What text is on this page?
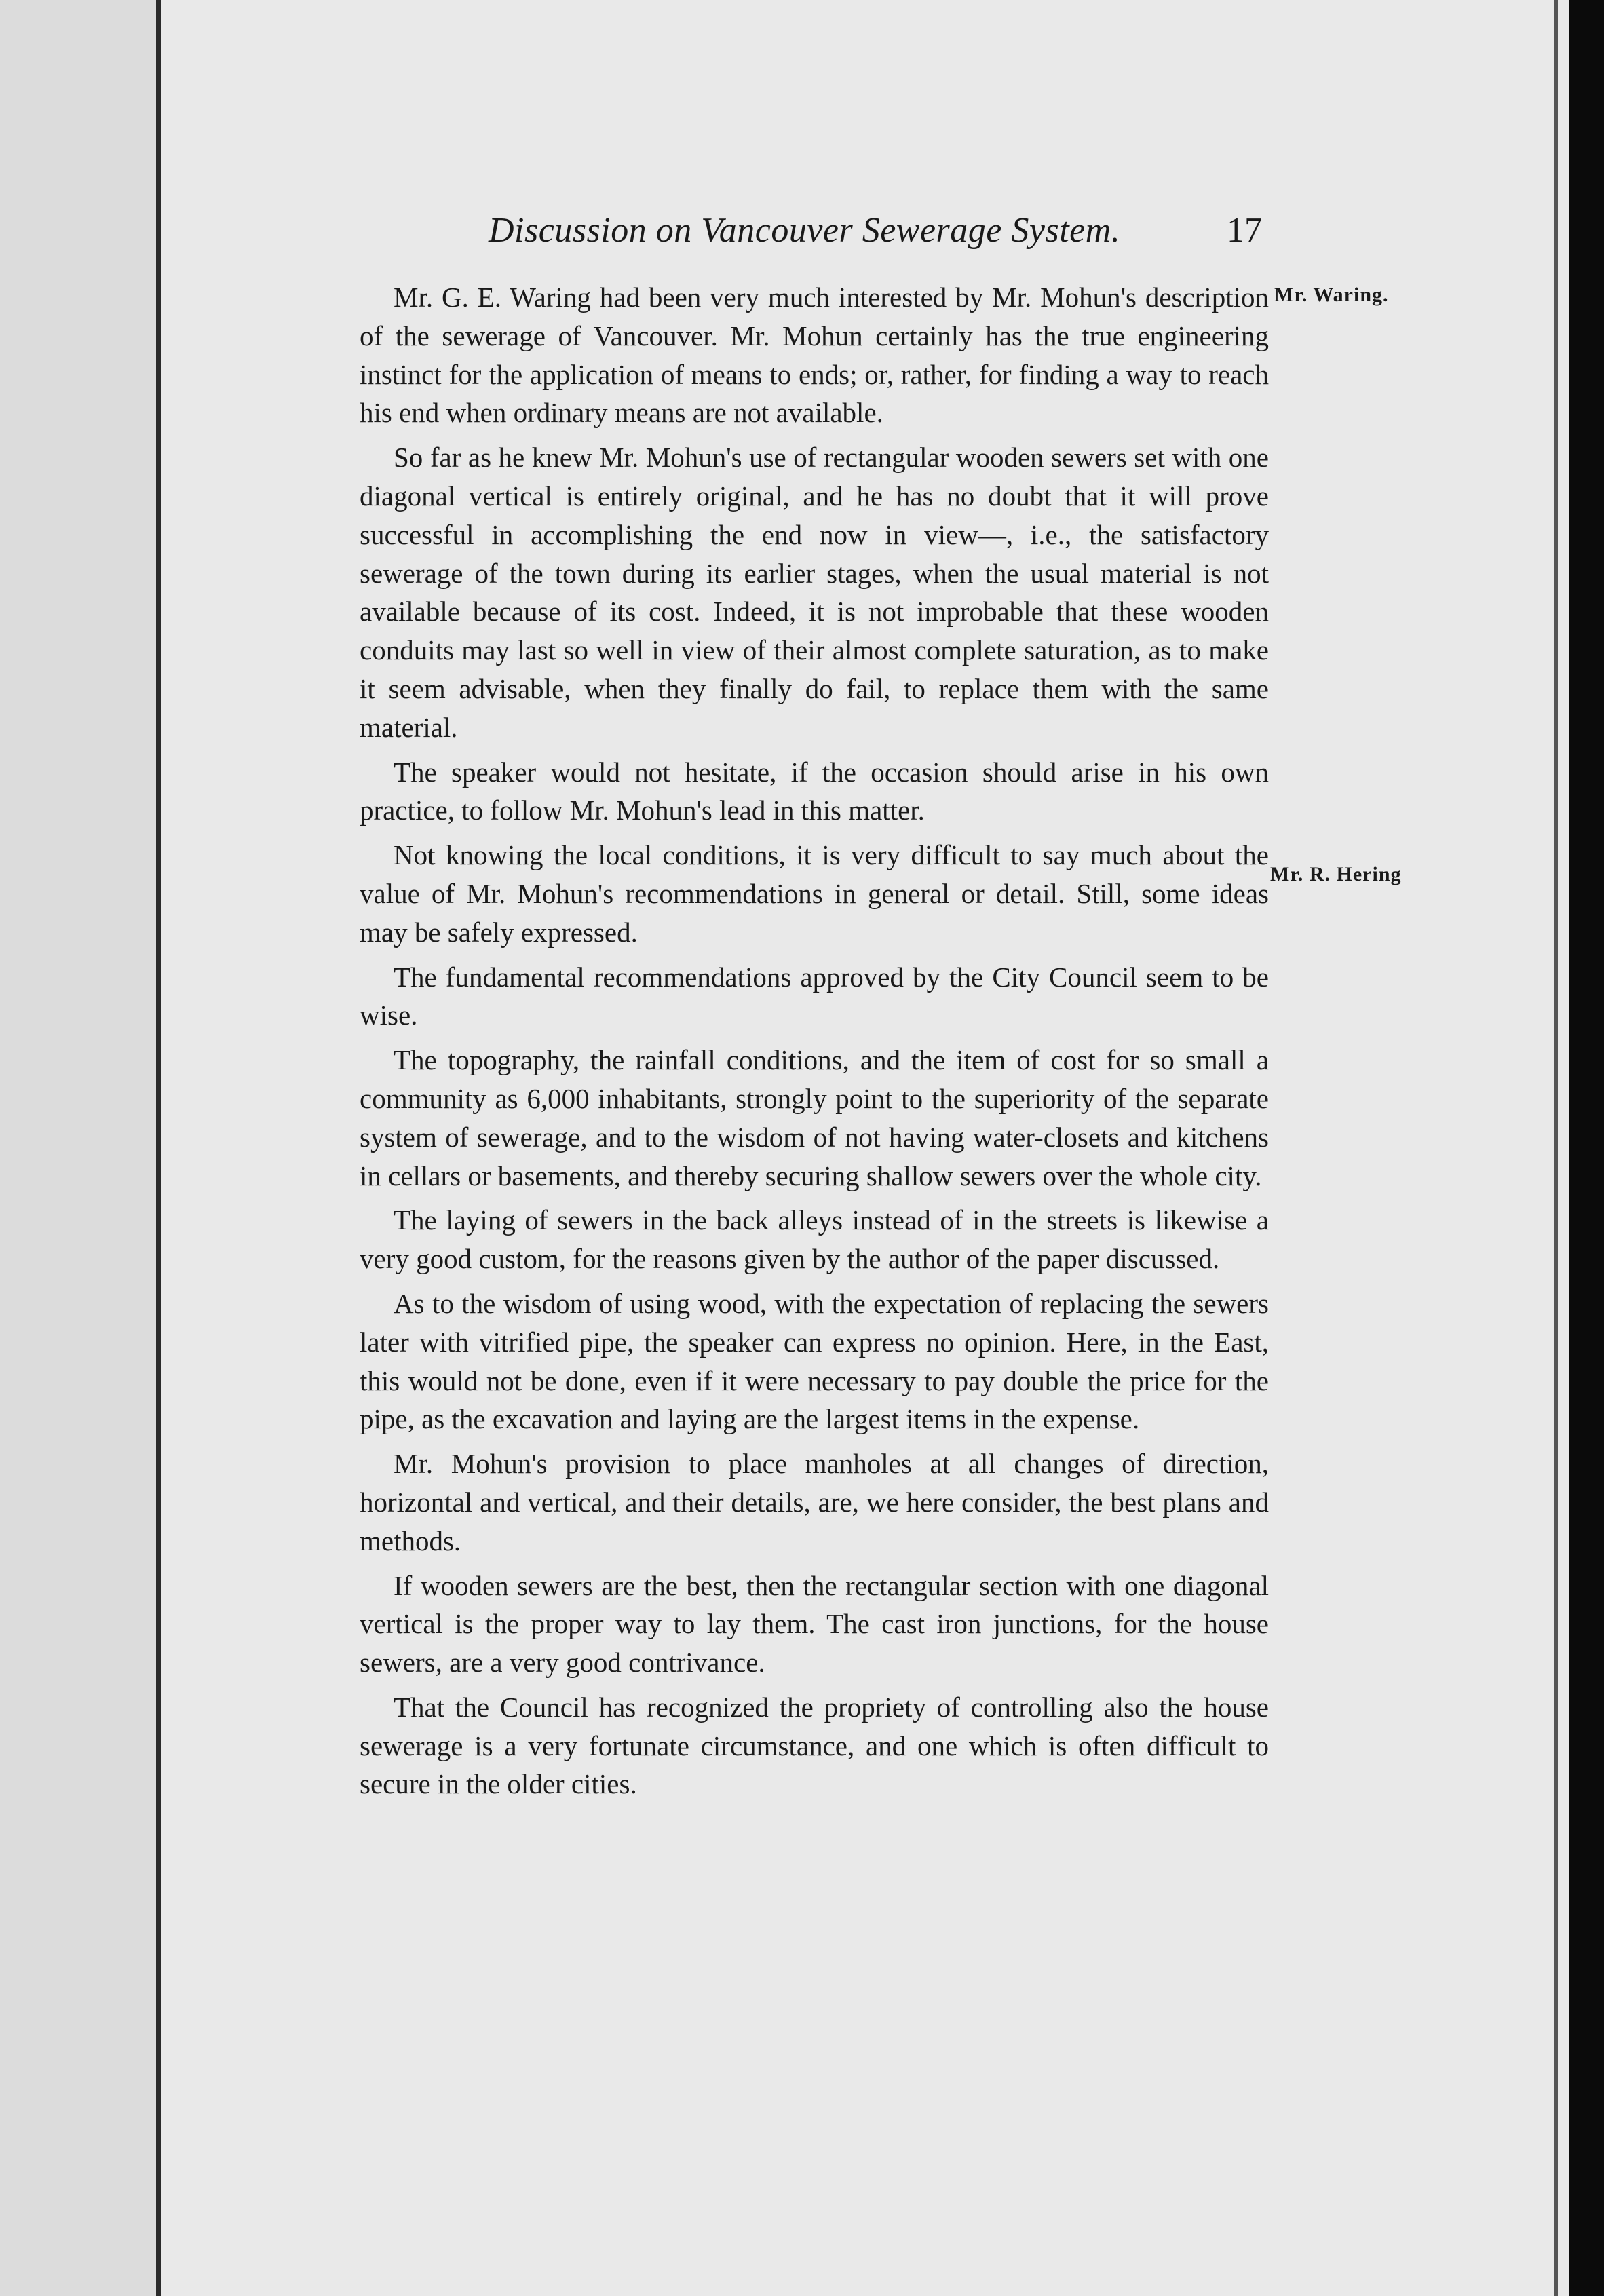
Discussion on Vancouver Sewerage System.	17
Mr. Waring.
Mr. R. Hering

Mr. G. E. Waring had been very much interested by Mr. Mohun's description of the sewerage of Vancouver. Mr. Mohun certainly has the true engineering instinct for the application of means to ends; or, rather, for finding a way to reach his end when ordinary means are not available.

So far as he knew Mr. Mohun's use of rectangular wooden sewers set with one diagonal vertical is entirely original, and he has no doubt that it will prove successful in accomplishing the end now in view—, i.e., the satisfactory sewerage of the town during its earlier stages, when the usual material is not available because of its cost. Indeed, it is not improbable that these wooden conduits may last so well in view of their almost complete saturation, as to make it seem advisable, when they finally do fail, to replace them with the same material.

The speaker would not hesitate, if the occasion should arise in his own practice, to follow Mr. Mohun's lead in this matter.

Not knowing the local conditions, it is very difficult to say much about the value of Mr. Mohun's recommendations in general or detail. Still, some ideas may be safely expressed.

The fundamental recommendations approved by the City Council seem to be wise.

The topography, the rainfall conditions, and the item of cost for so small a community as 6,000 inhabitants, strongly point to the superiority of the separate system of sewerage, and to the wisdom of not having water-closets and kitchens in cellars or basements, and thereby securing shallow sewers over the whole city.

The laying of sewers in the back alleys instead of in the streets is likewise a very good custom, for the reasons given by the author of the paper discussed.

As to the wisdom of using wood, with the expectation of replacing the sewers later with vitrified pipe, the speaker can express no opinion. Here, in the East, this would not be done, even if it were necessary to pay double the price for the pipe, as the excavation and laying are the largest items in the expense.

Mr. Mohun's provision to place manholes at all changes of direction, horizontal and vertical, and their details, are, we here consider, the best plans and methods.

If wooden sewers are the best, then the rectangular section with one diagonal vertical is the proper way to lay them. The cast iron junctions, for the house sewers, are a very good contrivance.

That the Council has recognized the propriety of controlling also the house sewerage is a very fortunate circumstance, and one which is often difficult to secure in the older cities.
